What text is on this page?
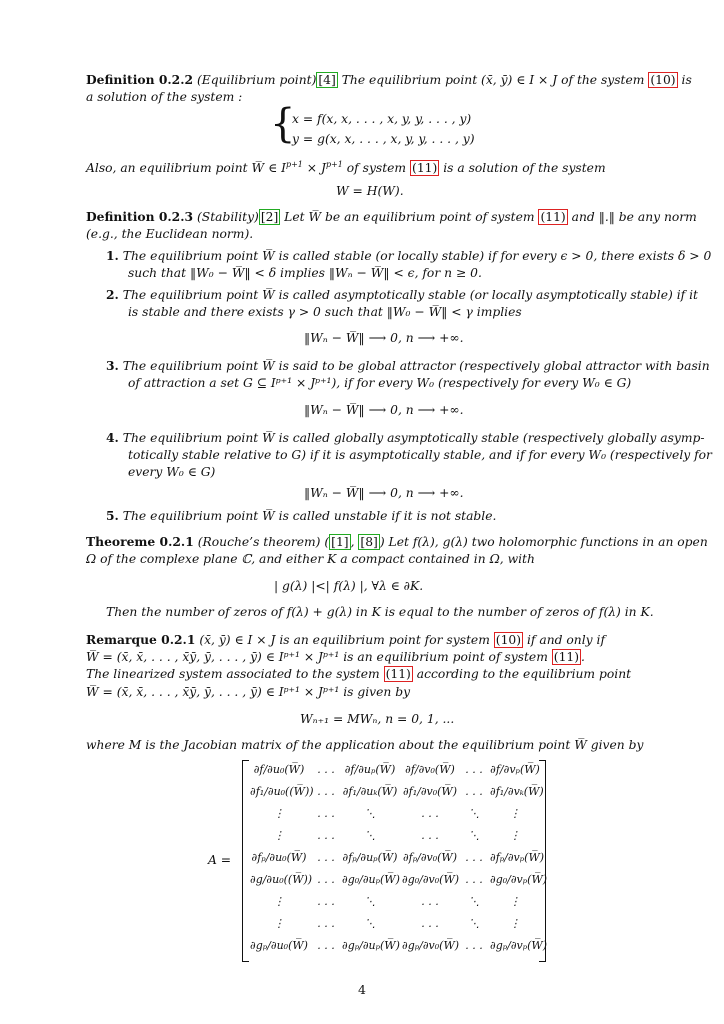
Definition 0.2.2 (Equilibrium point) [4] The equilibrium point (x̄, ȳ) ∈ I × J of the system (10) is
a solution of the system :
{
x = f(x, x, . . . , x, y, y, . . . , y)
y = g(x, x, . . . , x, y, y, . . . , y)
Also, an equilibrium point W̅ ∈ $I^{p+1} \times J^{p+1}$ of system (11) is a solution of the system
W = H(W).
Definition 0.2.3 (Stability) [2] Let W̅ be an equilibrium point of system (11) and ‖.‖ be any norm
(e.g., the Euclidean norm).
1. The equilibrium point W̅ is called stable (or locally stable) if for every ϵ > 0, there exists δ > 0
such that ‖W₀ − W̅‖ < δ implies ‖Wₙ − W̅‖ < ϵ, for n ≥ 0.
2. The equilibrium point W̅ is called asymptotically stable (or locally asymptotically stable) if it
is stable and there exists γ > 0 such that ‖W₀ − W̅‖ < γ implies
‖Wₙ − W̅‖ ⟶ 0, n ⟶ +∞.
3. The equilibrium point W̅ is said to be global attractor (respectively global attractor with basin
of attraction a set G ⊆ Iᵖ⁺¹ × Jᵖ⁺¹), if for every W₀ (respectively for every W₀ ∈ G)
‖Wₙ − W̅‖ ⟶ 0, n ⟶ +∞.
4. The equilibrium point W̅ is called globally asymptotically stable (respectively globally asymp-
totically stable relative to G) if it is asymptotically stable, and if for every W₀ (respectively for
every W₀ ∈ G)
‖Wₙ − W̅‖ ⟶ 0, n ⟶ +∞.
5. The equilibrium point W̅ is called unstable if it is not stable.
Theoreme 0.2.1 (Rouche’s theorem) ( [1] , [8] ) Let f(λ), g(λ) two holomorphic functions in an open
Ω of the complexe plane ℂ, and either K a compact contained in Ω, with
| g(λ) |<| f(λ) |, ∀λ ∈ ∂K.
Then the number of zeros of f(λ) + g(λ) in K is equal to the number of zeros of f(λ) in K.
Remarque 0.2.1 (x̄, ȳ) ∈ I × J is an equilibrium point for system (10) if and only if
W̅ = (x̄, x̄, . . . , x̄ȳ, ȳ, . . . , ȳ) ∈ Iᵖ⁺¹ × Jᵖ⁺¹ is an equilibrium point of system (11) .
The linearized system associated to the system (11) according to the equilibrium point
W̅ = (x̄, x̄, . . . , x̄ȳ, ȳ, . . . , ȳ) ∈ Iᵖ⁺¹ × Jᵖ⁺¹ is given by
Wₙ₊₁ = MWₙ, n = 0, 1, ...
where M is the Jacobian matrix of the application about the equilibrium point W̅ given by
A =
∂f/∂u₀(W̅)	. . . ∂f/∂uₚ(W̅) ∂f/∂v₀(W̅) . . . ∂f/∂vₚ(W̅)
∂f₁/∂u₀((W̅)) . . . ∂f₁/∂uₖ(W̅) ∂f₁/∂v₀(W̅) . . . ∂f₁/∂vₖ(W̅)
⋮	. . .	⋱	. . .	⋱	⋮
⋮	. . .	⋱	. . .	⋱	⋮
∂fₚ/∂u₀(W̅) . . . ∂fₚ/∂uₚ(W̅) ∂fₚ/∂v₀(W̅) . . . ∂fₚ/∂vₚ(W̅)
∂g/∂u₀((W̅)) . . . ∂g₀/∂uₚ(W̅) ∂g₀/∂v₀(W̅) . . . ∂g₀/∂vₚ(W̅)
⋮	. . .	⋱	. . .	⋱	⋮
⋮	. . .	⋱	. . .	⋱	⋮
∂gₚ/∂u₀(W̅) . . . ∂gₚ/∂uₚ(W̅) ∂gₚ/∂v₀(W̅) . . . ∂gₚ/∂vₚ(W̅)
4
